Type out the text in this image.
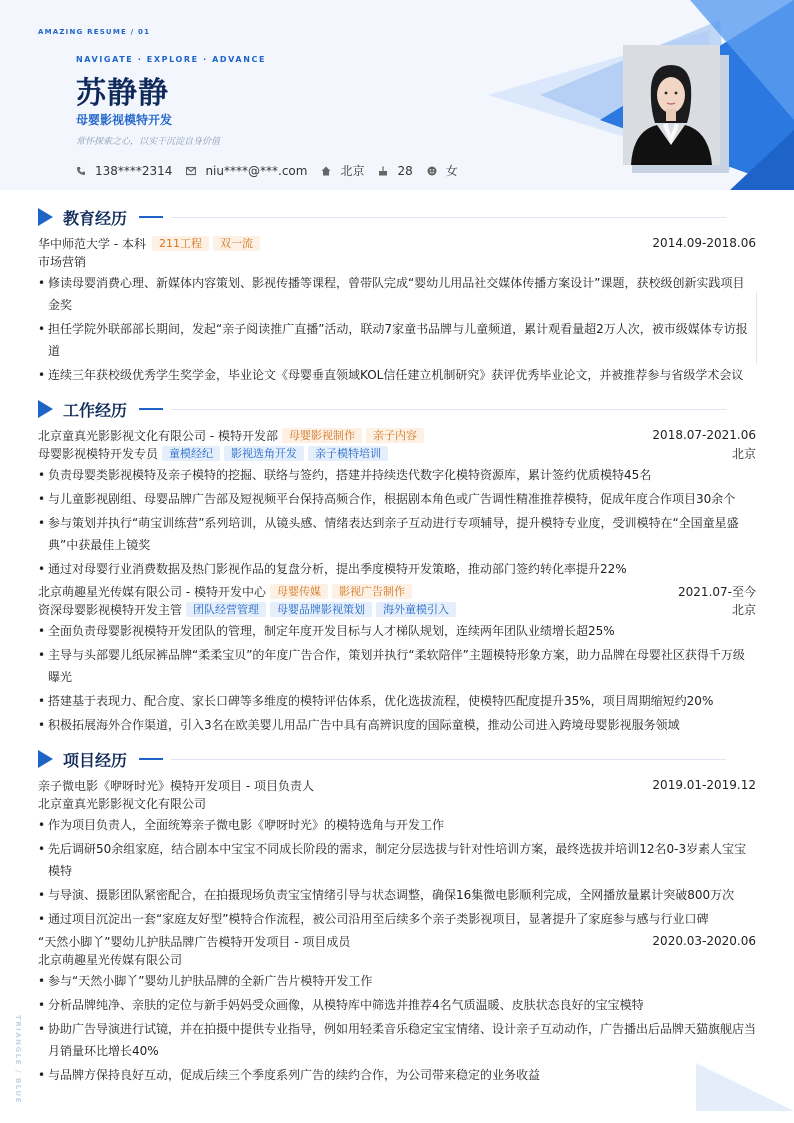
AMAZING RESUME / 01
NAVIGATE · EXPLORE · ADVANCE
苏静静
母婴影视模特开发
常怀探索之心，以实干沉淀自身价值
138****2314	niu****@***.com	北京	28	女
教育经历
华中师范大学 - 本科	211工程	双一流	2014.09-2018.06
市场营销
• 修读母婴消费心理、新媒体内容策划、影视传播等课程，曾带队完成“婴幼儿用品社交媒体传播方案设计”课题，获校级创新实践项目金奖
• 担任学院外联部部长期间，发起“亲子阅读推广直播”活动，联动7家童书品牌与儿童频道，累计观看量超2万人次，被市级媒体专访报道
• 连续三年获校级优秀学生奖学金，毕业论文《母婴垂直领域KOL信任建立机制研究》获评优秀毕业论文，并被推荐参与省级学术会议
工作经历
北京童真光影影视文化有限公司 - 模特开发部	母婴影视制作	亲子内容	2018.07-2021.06
母婴影视模特开发专员	童模经纪	影视选角开发	亲子模特培训	北京
• 负责母婴类影视模特及亲子模特的挖掘、联络与签约，搭建并持续迭代数字化模特资源库，累计签约优质模特45名
• 与儿童影视剧组、母婴品牌广告部及短视频平台保持高频合作，根据剧本角色或广告调性精准推荐模特，促成年度合作项目30余个
• 参与策划并执行“萌宝训练营”系列培训，从镜头感、情绪表达到亲子互动进行专项辅导，提升模特专业度，受训模特在“全国童星盛典”中获最佳上镜奖
• 通过对母婴行业消费数据及热门影视作品的复盘分析，提出季度模特开发策略，推动部门签约转化率提升22%
北京萌趣星光传媒有限公司 - 模特开发中心	母婴传媒	影视广告制作	2021.07-至今
资深母婴影视模特开发主管	团队经营管理	母婴品牌影视策划	海外童模引入	北京
• 全面负责母婴影视模特开发团队的管理，制定年度开发目标与人才梯队规划，连续两年团队业绩增长超25%
• 主导与头部婴儿纸尿裤品牌“柔柔宝贝”的年度广告合作，策划并执行“柔软陪伴”主题模特形象方案，助力品牌在母婴社区获得千万级曝光
• 搭建基于表现力、配合度、家长口碑等多维度的模特评估体系，优化选拔流程，使模特匹配度提升35%，项目周期缩短约20%
• 积极拓展海外合作渠道，引入3名在欧美婴儿用品广告中具有高辨识度的国际童模，推动公司进入跨境母婴影视服务领域
项目经历
亲子微电影《咿呀时光》模特开发项目 - 项目负责人	2019.01-2019.12
北京童真光影影视文化有限公司
• 作为项目负责人，全面统筹亲子微电影《咿呀时光》的模特选角与开发工作
• 先后调研50余组家庭，结合剧本中宝宝不同成长阶段的需求，制定分层选拔与针对性培训方案，最终选拔并培训12名0-3岁素人宝宝模特
• 与导演、摄影团队紧密配合，在拍摄现场负责宝宝情绪引导与状态调整，确保16集微电影顺利完成，全网播放量累计突破800万次
• 通过项目沉淀出一套“家庭友好型”模特合作流程，被公司沿用至后续多个亲子类影视项目，显著提升了家庭参与感与行业口碑
“天然小脚丫”婴幼儿护肤品牌广告模特开发项目 - 项目成员	2020.03-2020.06
北京萌趣星光传媒有限公司
• 参与“天然小脚丫”婴幼儿护肤品牌的全新广告片模特开发工作
• 分析品牌纯净、亲肤的定位与新手妈妈受众画像，从模特库中筛选并推荐4名气质温暖、皮肤状态良好的宝宝模特
• 协助广告导演进行试镜，并在拍摄中提供专业指导，例如用轻柔音乐稳定宝宝情绪、设计亲子互动动作，广告播出后品牌天猫旗舰店当月销量环比增长40%
• 与品牌方保持良好互动，促成后续三个季度系列广告的续约合作，为公司带来稳定的业务收益
TRIANGLE / BLUE
